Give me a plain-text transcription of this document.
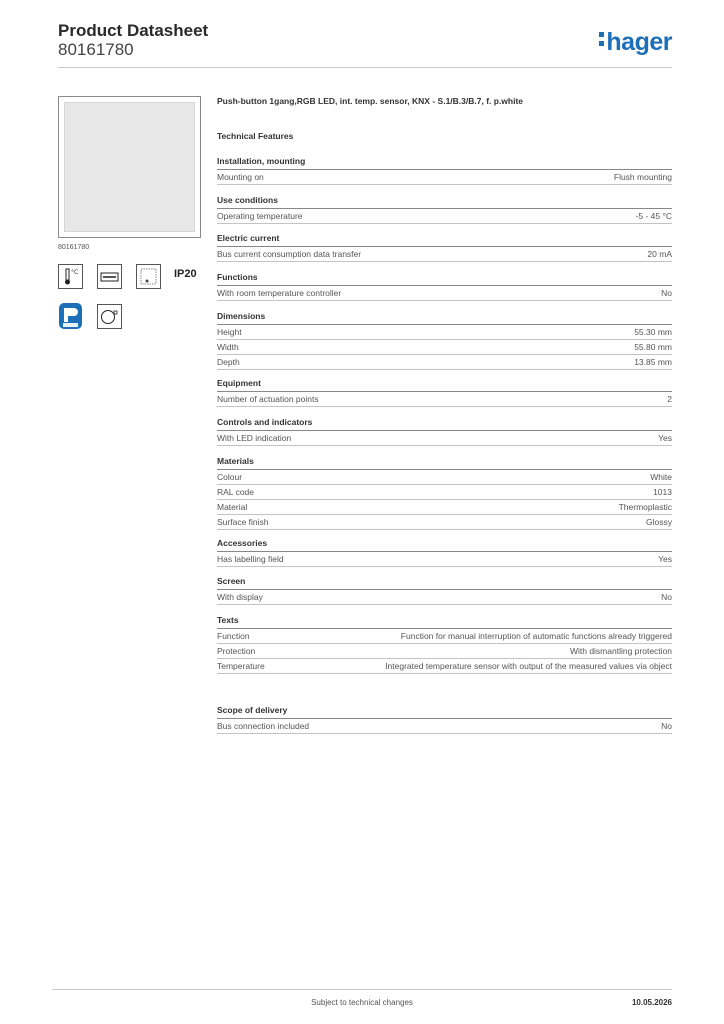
Product Datasheet
80161780	hager
80161780
°C	IP20
Push-button 1gang,RGB LED, int. temp. sensor, KNX - S.1/B.3/B.7, f. p.white
Technical Features
Installation, mounting
Mounting on	Flush mounting
Use conditions
Operating temperature	-5 - 45 °C
Electric current
Bus current consumption data transfer	20 mA
Functions
With room temperature controller	No
Dimensions
Height	55.30 mm
Width	55.80 mm
Depth	13.85 mm
Equipment
Number of actuation points	2
Controls and indicators
With LED indication	Yes
Materials
Colour	White
RAL code	1013
Material	Thermoplastic
Surface finish	Glossy
Accessories
Has labelling field	Yes
Screen
With display	No
Texts
Function	Function for manual interruption of automatic functions already triggered
Protection	With dismantling protection
Temperature	Integrated temperature sensor with output of the measured values via object
Scope of delivery
Bus connection included	No
Subject to technical changes	10.05.2026
